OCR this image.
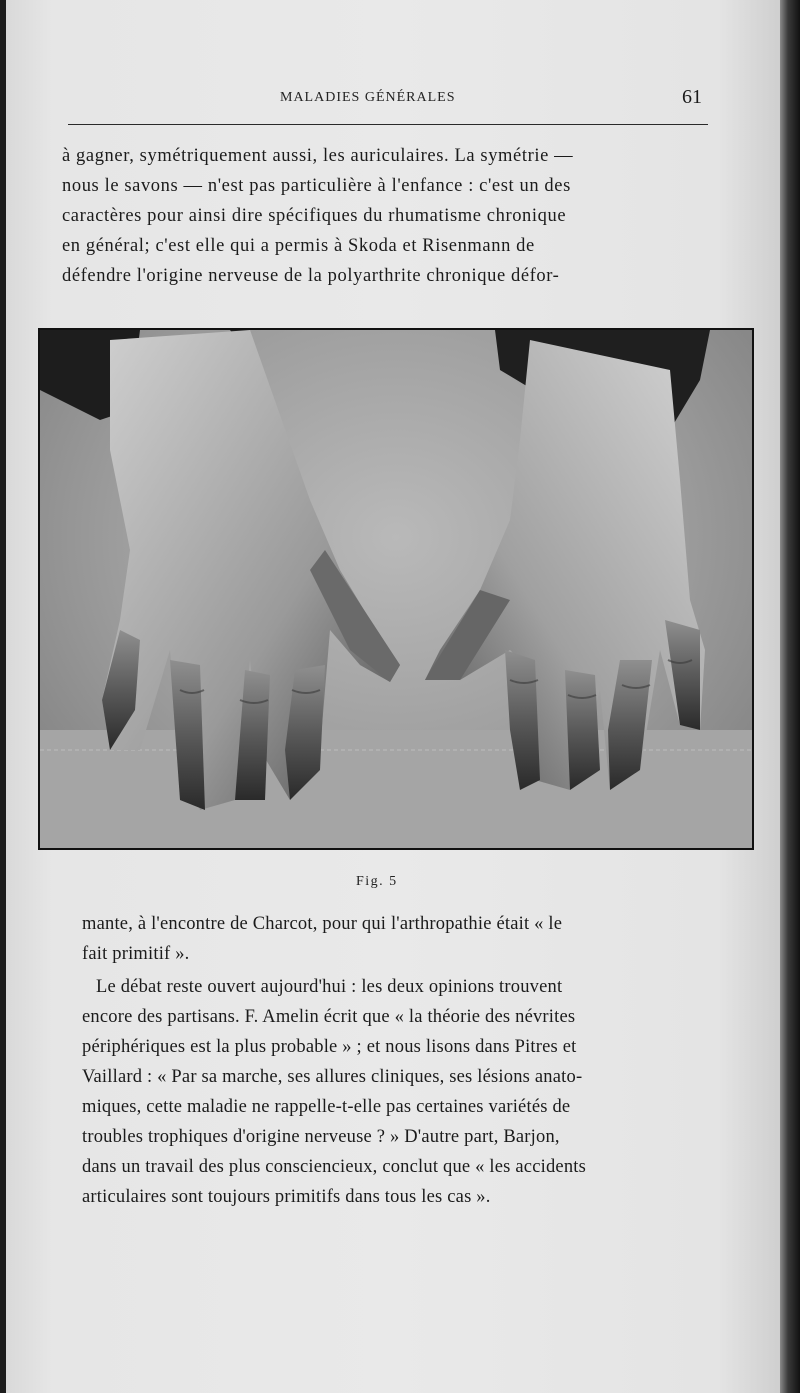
MALADIES GÉNÉRALES	61
à gagner, symétriquement aussi, les auriculaires. La symétrie —
nous le savons — n'est pas particulière à l'enfance : c'est un des
caractères pour ainsi dire spécifiques du rhumatisme chronique
en général; c'est elle qui a permis à Skoda et Risenmann de
défendre l'origine nerveuse de la polyarthrite chronique défor-
Fig. 5
mante, à l'encontre de Charcot, pour qui l'arthropathie était « le
fait primitif ».
Le débat reste ouvert aujourd'hui : les deux opinions trouvent
encore des partisans. F. Amelin écrit que « la théorie des névrites
périphériques est la plus probable » ; et nous lisons dans Pitres et
Vaillard : « Par sa marche, ses allures cliniques, ses lésions anato-
miques, cette maladie ne rappelle-t-elle pas certaines variétés de
troubles trophiques d'origine nerveuse ? » D'autre part, Barjon,
dans un travail des plus consciencieux, conclut que « les accidents
articulaires sont toujours primitifs dans tous les cas ».
